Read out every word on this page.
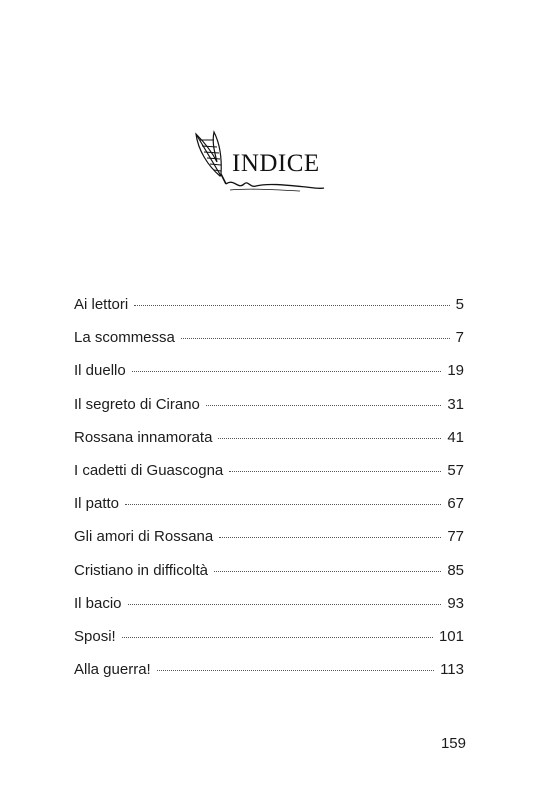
INDICE
Ai lettori	5
La scommessa	7
Il duello	19
Il segreto di Cirano	31
Rossana innamorata	41
I cadetti di Guascogna	57
Il patto	67
Gli amori di Rossana	77
Cristiano in difficoltà	85
Il bacio	93
Sposi!	101
Alla guerra!	113
159
